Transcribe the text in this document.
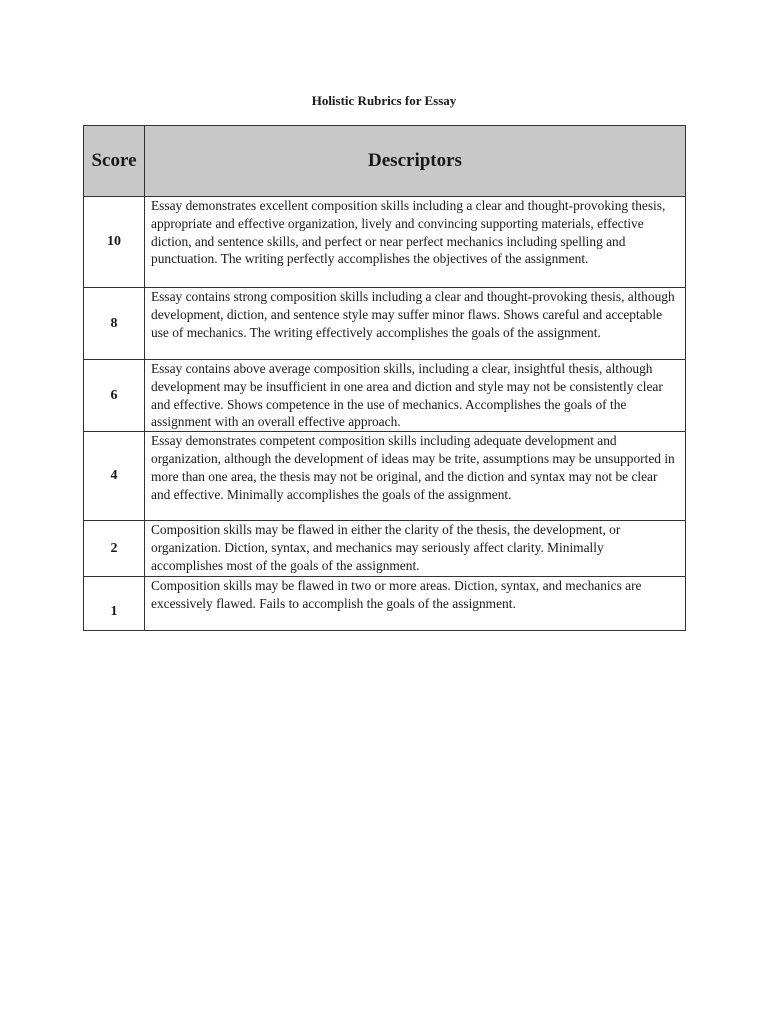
Holistic Rubrics for Essay
Score	Descriptors
10	Essay demonstrates excellent composition skills including a clear and thought-provoking thesis, appropriate and effective organization, lively and convincing supporting materials, effective diction, and sentence skills, and perfect or near perfect mechanics including spelling and punctuation. The writing perfectly accomplishes the objectives of the assignment.
8	Essay contains strong composition skills including a clear and thought-provoking thesis, although development, diction, and sentence style may suffer minor flaws. Shows careful and acceptable use of mechanics. The writing effectively accomplishes the goals of the assignment.
6	Essay contains above average composition skills, including a clear, insightful thesis, although development may be insufficient in one area and diction and style may not be consistently clear and effective. Shows competence in the use of mechanics. Accomplishes the goals of the assignment with an overall effective approach.
4	Essay demonstrates competent composition skills including adequate development and organization, although the development of ideas may be trite, assumptions may be unsupported in more than one area, the thesis may not be original, and the diction and syntax may not be clear and effective. Minimally accomplishes the goals of the assignment.
2	Composition skills may be flawed in either the clarity of the thesis, the development, or organization. Diction, syntax, and mechanics may seriously affect clarity. Minimally accomplishes most of the goals of the assignment.
1	Composition skills may be flawed in two or more areas. Diction, syntax, and mechanics are excessively flawed. Fails to accomplish the goals of the assignment.
